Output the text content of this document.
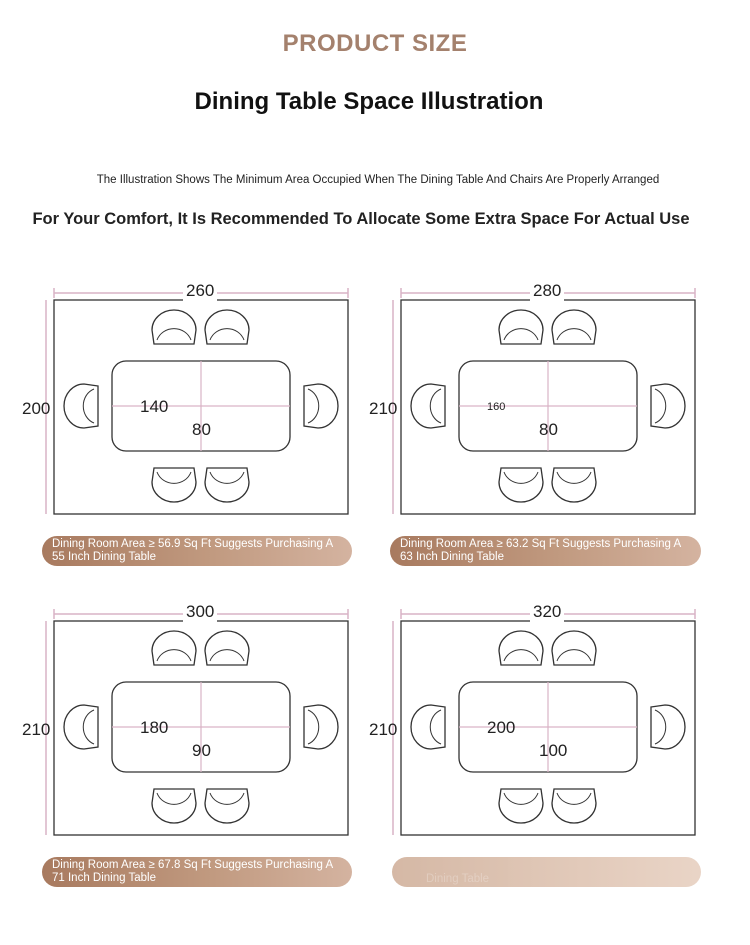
PRODUCT SIZE
Dining Table Space Illustration
The Illustration Shows The Minimum Area Occupied When The Dining Table And Chairs Are Properly Arranged
For Your Comfort, It Is Recommended To Allocate Some Extra Space For Actual Use
260
200	140
80
Dining Room Area ≥ 56.9 Sq Ft Suggests Purchasing A 55 Inch Dining Table
280
210	160
80
Dining Room Area ≥ 63.2 Sq Ft Suggests Purchasing A 63 Inch Dining Table
300
210	180
90
Dining Room Area ≥ 67.8 Sq Ft Suggests Purchasing A 71 Inch Dining Table
320
210	200
100
Dining Table
